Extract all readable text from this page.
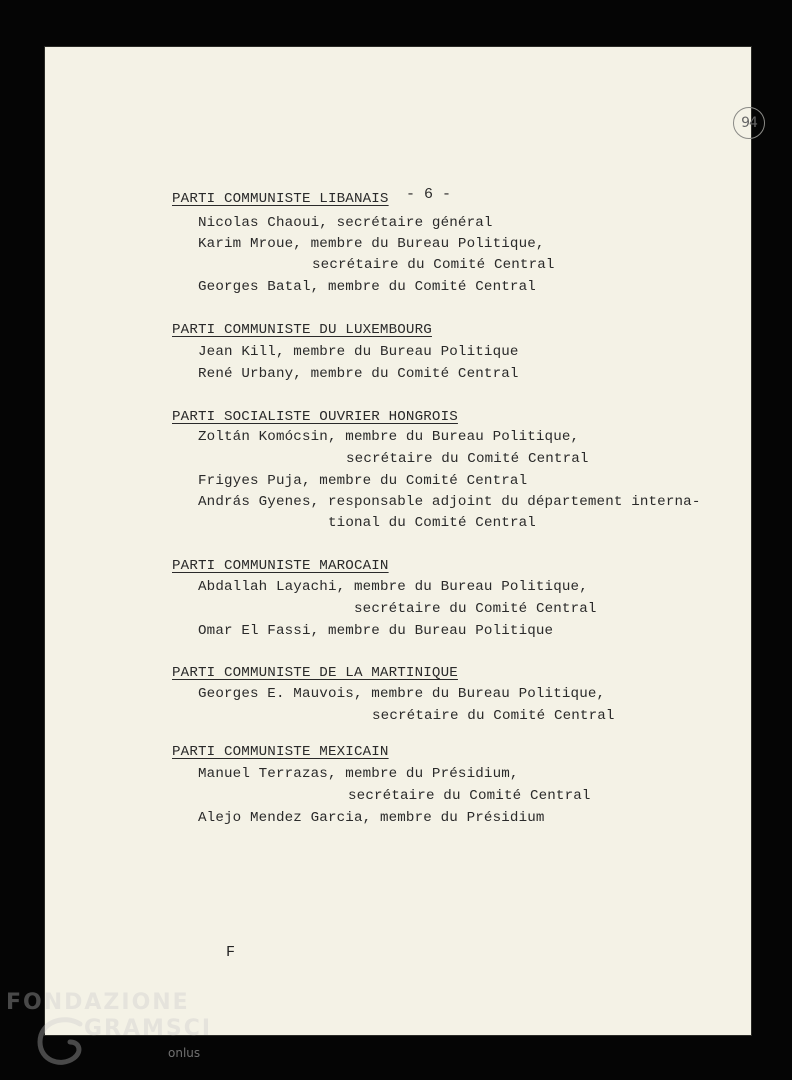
94
- 6 -
PARTI COMMUNISTE LIBANAIS
Nicolas Chaoui, secrétaire général
Karim Mroue, membre du Bureau Politique,
secrétaire du Comité Central
Georges Batal, membre du Comité Central
PARTI COMMUNISTE DU LUXEMBOURG
Jean Kill, membre du Bureau Politique
René Urbany, membre du Comité Central
PARTI SOCIALISTE OUVRIER HONGROIS
Zoltán Komócsin, membre du Bureau Politique,
secrétaire du Comité Central
Frigyes Puja, membre du Comité Central
András Gyenes, responsable adjoint du département interna-
tional du Comité Central
PARTI COMMUNISTE MAROCAIN
Abdallah Layachi, membre du Bureau Politique,
secrétaire du Comité Central
Omar El Fassi, membre du Bureau Politique
PARTI COMMUNISTE DE LA MARTINIQUE
Georges E. Mauvois, membre du Bureau Politique,
secrétaire du Comité Central
PARTI COMMUNISTE MEXICAIN
Manuel Terrazas, membre du Présidium,
secrétaire du Comité Central
Alejo Mendez Garcia, membre du Présidium
F
FONDAZIONE
GRAMSCI
onlus
